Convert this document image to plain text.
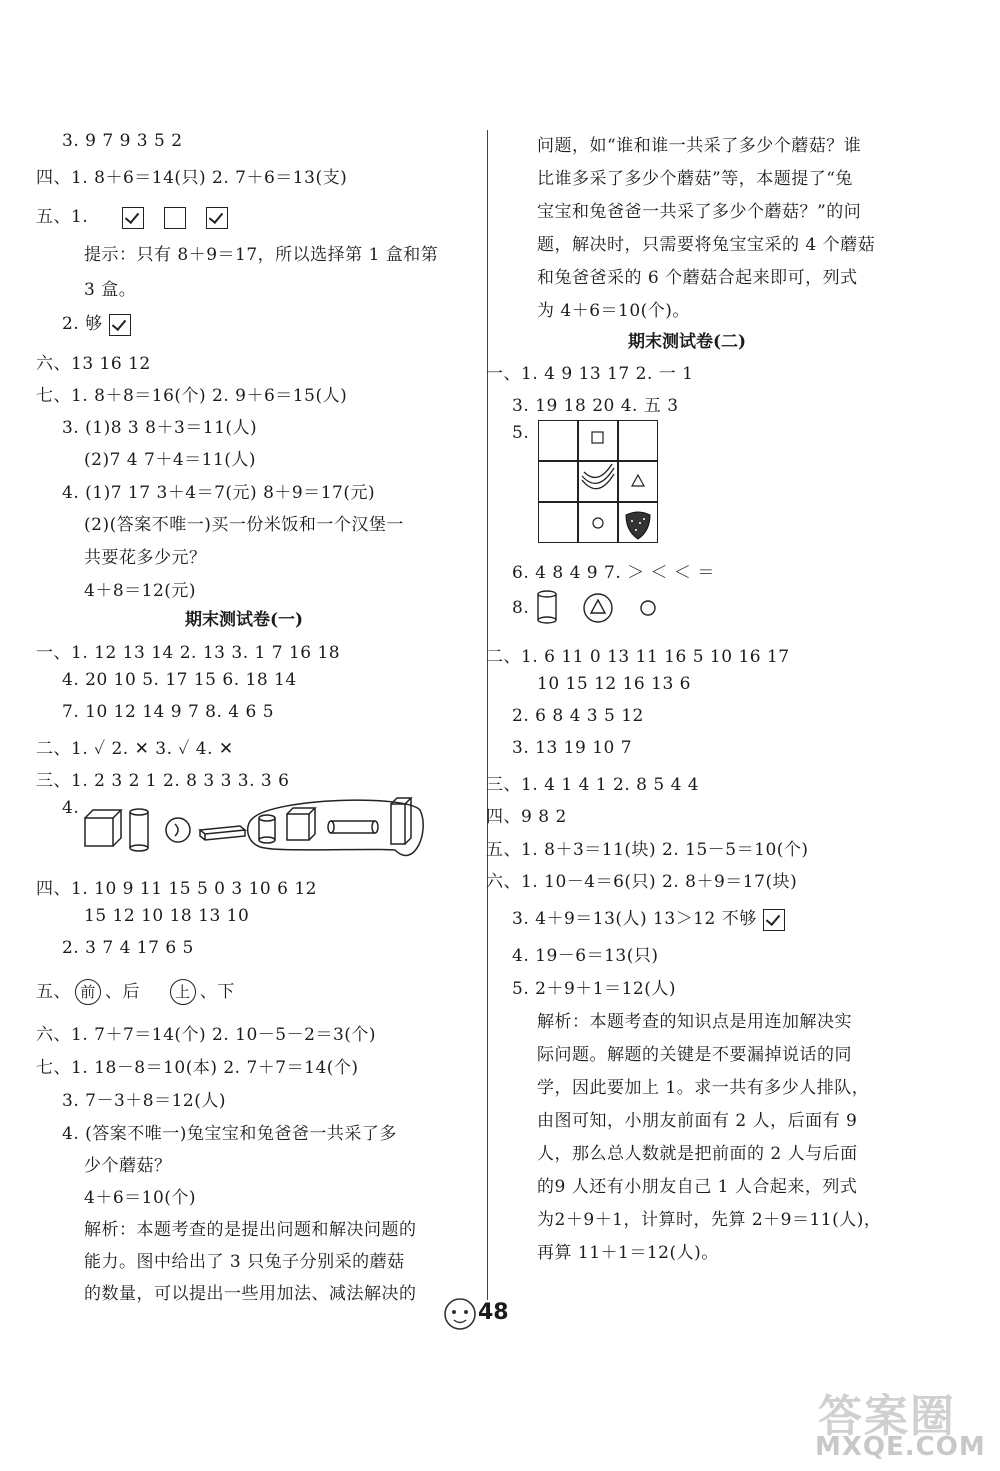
3. 9 7 9 3 5 2
四、1. 8＋6＝14(只) 2. 7＋6＝13(支)
五、1.
提示：只有 8＋9＝17，所以选择第 1 盒和第
3 盒。
2. 够
六、13 16 12
七、1. 8＋8＝16(个) 2. 9＋6＝15(人)
3. (1)8 3 8＋3＝11(人)
(2)7 4 7＋4＝11(人)
4. (1)7 17 3＋4＝7(元) 8＋9＝17(元)
(2)(答案不唯一)买一份米饭和一个汉堡一
共要花多少元？
4＋8＝12(元)
期末测试卷(一)
一、1. 12 13 14 2. 13 3. 1 7 16 18
4. 20 10 5. 17 15 6. 18 14
7. 10 12 14 9 7 8. 4 6 5
二、1. ✓ 2. ✕ 3. ✓ 4. ✕
三、1. 2 3 2 1 2. 8 3 3 3. 3 6
4.
四、1. 10 9 11 15 5 0 3 10 6 12
15 12 10 18 13 10
2. 3 7 4 17 6 5
五、 前 、后 上 、下
六、1. 7＋7＝14(个) 2. 10－5－2＝3(个)
七、1. 18－8＝10(本) 2. 7＋7＝14(个)
3. 7－3＋8＝12(人)
4. (答案不唯一)兔宝宝和兔爸爸一共采了多
少个蘑菇？
4＋6＝10(个)
解析：本题考查的是提出问题和解决问题的
能力。图中给出了 3 只兔子分别采的蘑菇
的数量，可以提出一些用加法、减法解决的
问题，如“谁和谁一共采了多少个蘑菇？谁
比谁多采了多少个蘑菇”等，本题提了“兔
宝宝和兔爸爸一共采了多少个蘑菇？”的问
题，解决时，只需要将兔宝宝采的 4 个蘑菇
和兔爸爸采的 6 个蘑菇合起来即可，列式
为 4＋6＝10(个)。
期末测试卷(二)
一、1. 4 9 13 17 2. 一 1
3. 19 18 20 4. 五 3
5.
6. 4 8 4 9 7. ＞ ＜ ＜ ＝
8.
二、1. 6 11 0 13 11 16 5 10 16 17
10 15 12 16 13 6
2. 6 8 4 3 5 12
3. 13 19 10 7
三、1. 4 1 4 1 2. 8 5 4 4
四、9 8 2
五、1. 8＋3＝11(块) 2. 15－5＝10(个)
六、1. 10－4＝6(只) 2. 8＋9＝17(块)
3. 4＋9＝13(人) 13＞12 不够
4. 19－6＝13(只)
5. 2＋9＋1＝12(人)
解析：本题考查的知识点是用连加解决实
际问题。解题的关键是不要漏掉说话的同
学，因此要加上 1。求一共有多少人排队，
由图可知，小朋友前面有 2 人，后面有 9
人，那么总人数就是把前面的 2 人与后面
的9 人还有小朋友自己 1 人合起来，列式
为2＋9＋1，计算时，先算 2＋9＝11(人)，
再算 11＋1＝12(人)。
48
答案圈
MXQE.COM
